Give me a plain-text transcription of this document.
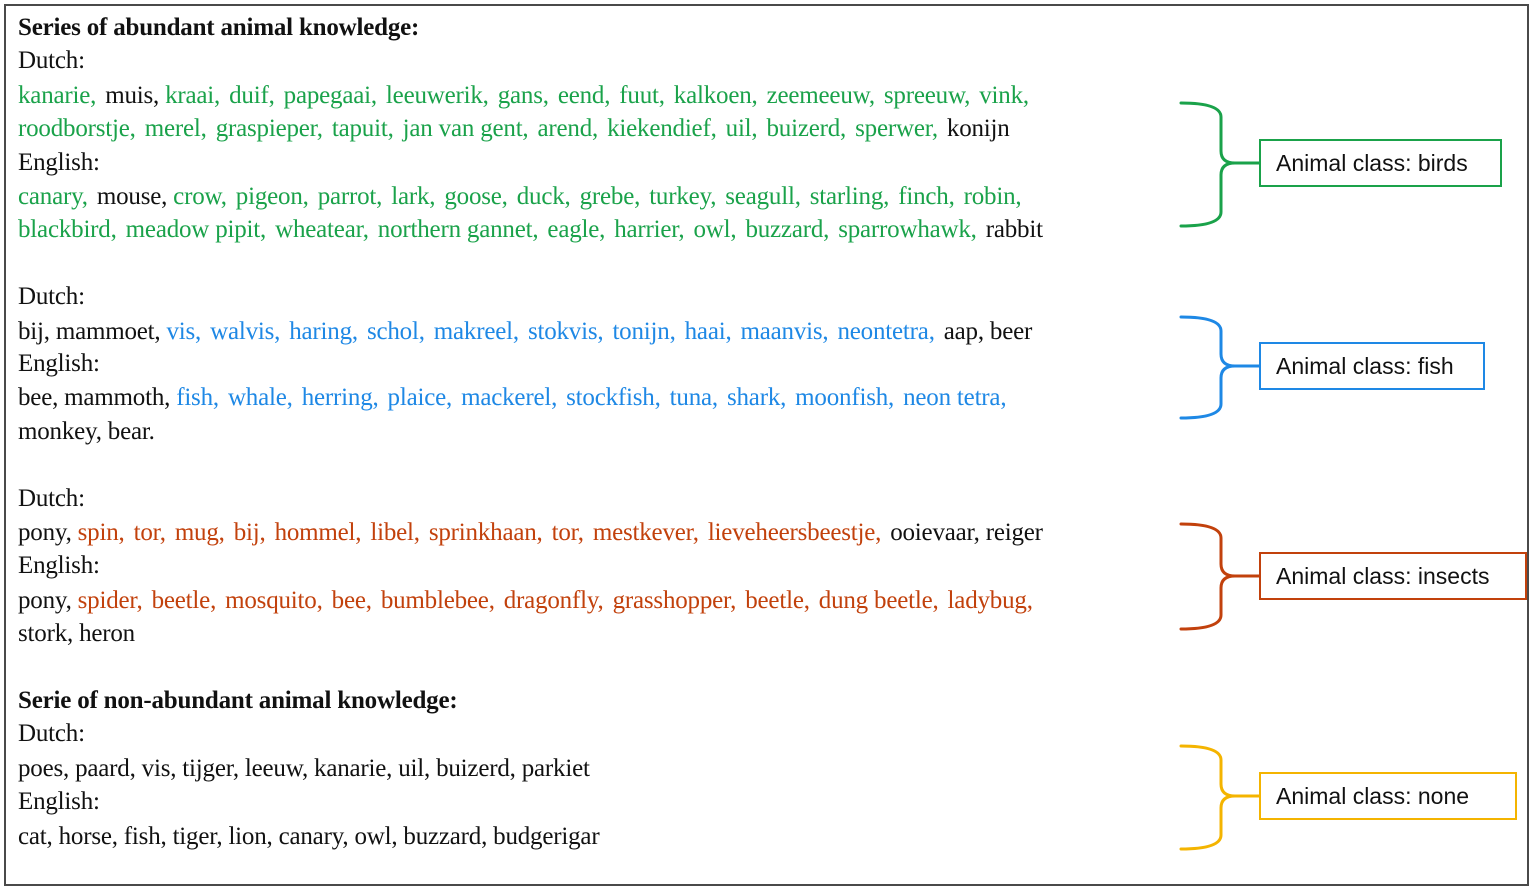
Series of abundant animal knowledge:
Dutch:
kanarie, muis, kraai, duif, papegaai, leeuwerik, gans, eend, fuut, kalkoen, zeemeeuw, spreeuw, vink,
roodborstje, merel, graspieper, tapuit, jan van gent, arend, kiekendief, uil, buizerd, sperwer, konijn
English:
canary, mouse, crow, pigeon, parrot, lark, goose, duck, grebe, turkey, seagull, starling, finch, robin,
blackbird, meadow pipit, wheatear, northern gannet, eagle, harrier, owl, buzzard, sparrowhawk, rabbit
Dutch:
bij, mammoet, vis, walvis, haring, schol, makreel, stokvis, tonijn, haai, maanvis, neontetra, aap, beer
English:
bee, mammoth, fish, whale, herring, plaice, mackerel, stockfish, tuna, shark, moonfish, neon tetra,
monkey, bear.
Dutch:
pony, spin, tor, mug, bij, hommel, libel, sprinkhaan, tor, mestkever, lieveheersbeestje, ooievaar, reiger
English:
pony, spider, beetle, mosquito, bee, bumblebee, dragonfly, grasshopper, beetle, dung beetle, ladybug,
stork, heron
Serie of non-abundant animal knowledge:
Dutch:
poes, paard, vis, tijger, leeuw, kanarie, uil, buizerd, parkiet
English:
cat, horse, fish, tiger, lion, canary, owl, buzzard, budgerigar
Animal class: birds
Animal class: fish
Animal class: insects
Animal class: none
